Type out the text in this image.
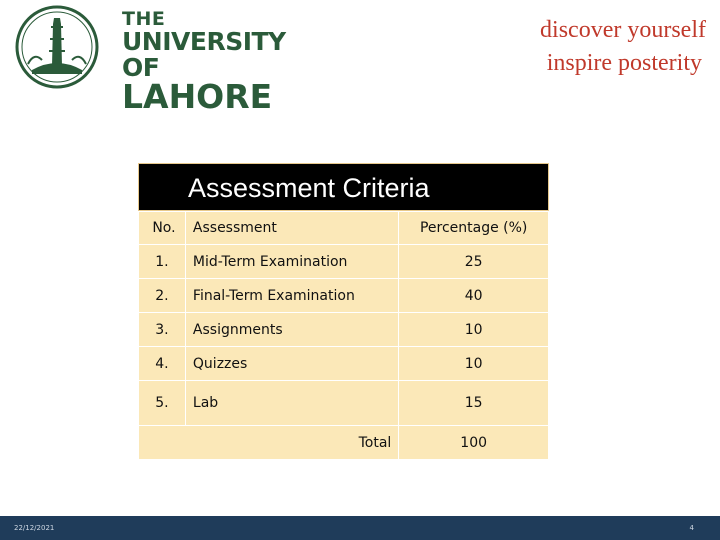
THE
UNIVERSITY OF
LAHORE
discover yourself
inspire posterity
Assessment Criteria
No.	Assessment	Percentage (%)
1.	Mid-Term Examination	25
2.	Final-Term Examination	40
3.	Assignments	10
4.	Quizzes	10
5.	Lab	15
Total		100
22/12/2021	4
